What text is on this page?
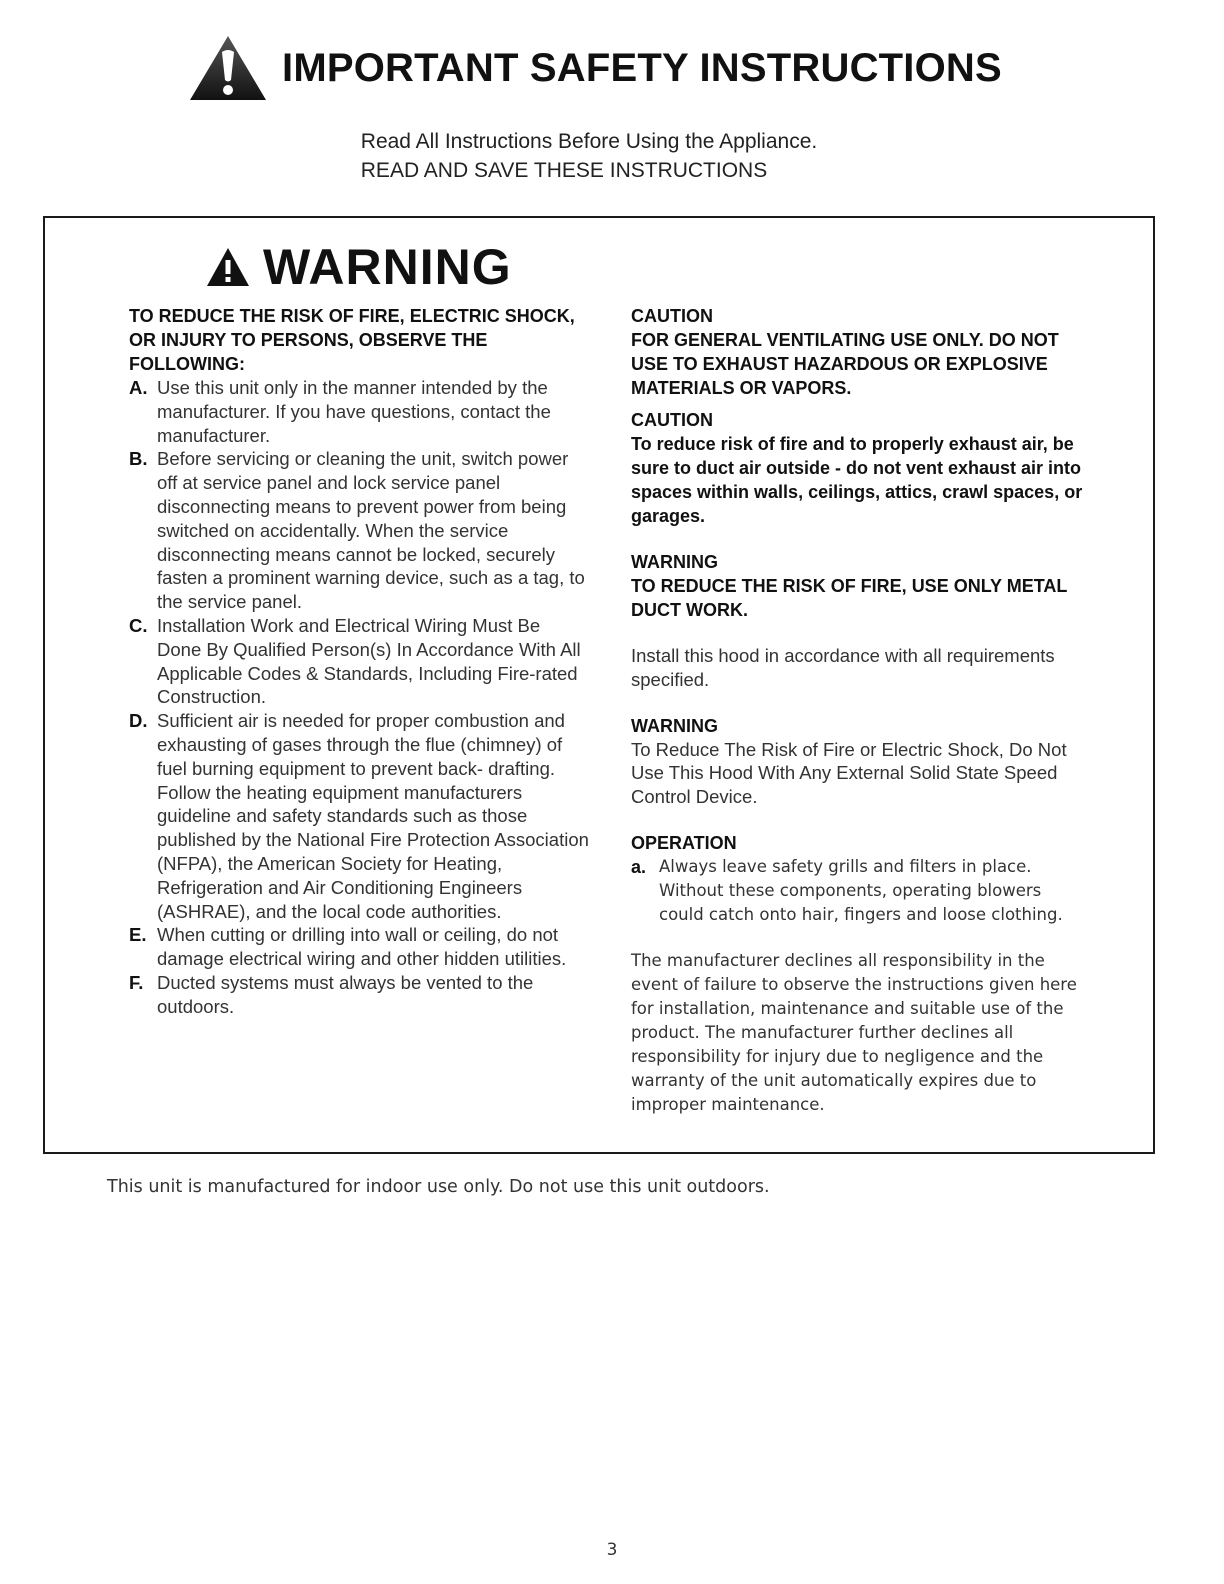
IMPORTANT SAFETY INSTRUCTIONS
Read All Instructions Before Using the Appliance.
READ AND SAVE THESE INSTRUCTIONS
WARNING
TO REDUCE THE RISK OF FIRE, ELECTRIC SHOCK, OR INJURY TO PERSONS, OBSERVE THE FOLLOWING:
A. Use this unit only in the manner intended by the manufacturer. If you have questions, contact the manufacturer.
B. Before servicing or cleaning the unit, switch power off at service panel and lock service panel disconnecting means to prevent power from being switched on accidentally. When the service disconnecting means cannot be locked, securely fasten a prominent warning device, such as a tag, to the service panel.
C. Installation Work and Electrical Wiring Must Be Done By Qualified Person(s) In Accordance With All Applicable Codes & Standards, Including Fire-rated Construction.
D. Sufficient air is needed for proper combustion and exhausting of gases through the flue (chimney) of fuel burning equipment to prevent back- drafting. Follow the heating equipment manufacturers guideline and safety standards such as those published by the National Fire Protection Association (NFPA), the American Society for Heating, Refrigeration and Air Conditioning Engineers (ASHRAE), and the local code authorities.
E. When cutting or drilling into wall or ceiling, do not damage electrical wiring and other hidden utilities.
F. Ducted systems must always be vented to the outdoors.
CAUTION
FOR GENERAL VENTILATING USE ONLY. DO NOT USE TO EXHAUST HAZARDOUS OR EXPLOSIVE MATERIALS OR VAPORS.
CAUTION
To reduce risk of fire and to properly exhaust air, be sure to duct air outside - do not vent exhaust air into spaces within walls, ceilings, attics, crawl spaces, or garages.
WARNING
TO REDUCE THE RISK OF FIRE, USE ONLY METAL DUCT WORK.
Install this hood in accordance with all requirements specified.
WARNING
To Reduce The Risk of Fire or Electric Shock, Do Not Use This Hood With Any External Solid State Speed Control Device.
OPERATION
a. Always leave safety grills and filters in place. Without these components, operating blowers could catch onto hair, fingers and loose clothing.
The manufacturer declines all responsibility in the event of failure to observe the instructions given here for installation, maintenance and suitable use of the product. The manufacturer further declines all responsibility for injury due to negligence and the warranty of the unit automatically expires due to improper maintenance.
This unit is manufactured for indoor use only. Do not use this unit outdoors.
3
